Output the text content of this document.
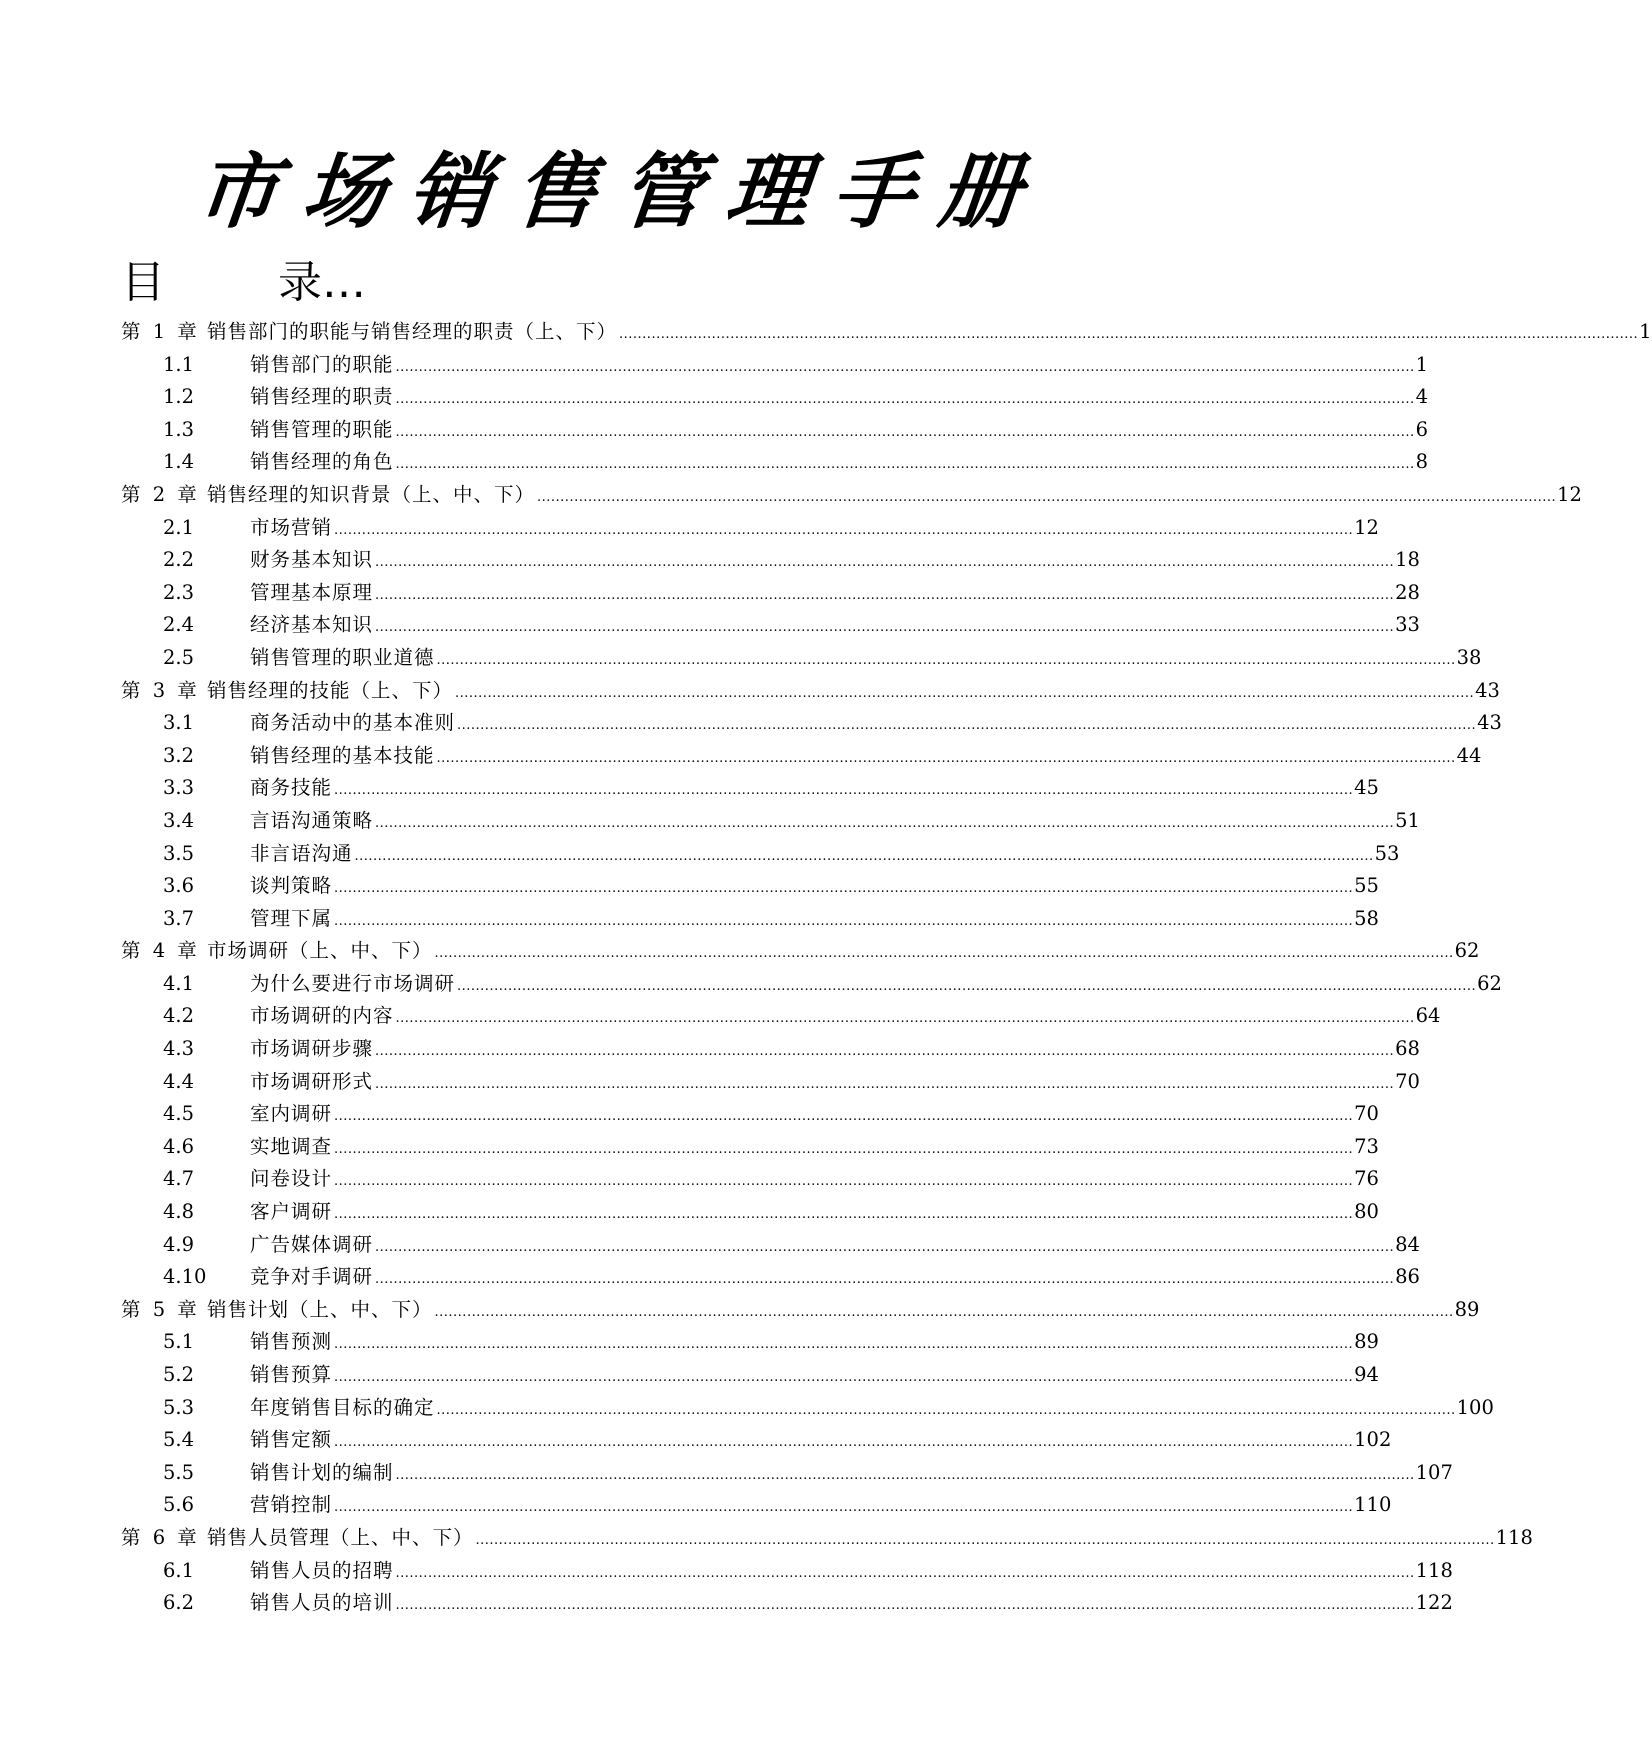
市场销售管理手册
目	录…
第 1 章 销售部门的职能与销售经理的职责（上、下） ............................................................................................................................................................................................................................ 1
1.1	销售部门的职能 ............................................................................................................................................................................................................................ 1
1.2	销售经理的职责 ............................................................................................................................................................................................................................ 4
1.3	销售管理的职能 ............................................................................................................................................................................................................................ 6
1.4	销售经理的角色 ............................................................................................................................................................................................................................ 8
第 2 章 销售经理的知识背景（上、中、下） ............................................................................................................................................................................................................................ 12
2.1	市场营销 ............................................................................................................................................................................................................................ 12
2.2	财务基本知识 ............................................................................................................................................................................................................................ 18
2.3	管理基本原理 ............................................................................................................................................................................................................................ 28
2.4	经济基本知识 ............................................................................................................................................................................................................................ 33
2.5	销售管理的职业道德 ............................................................................................................................................................................................................................ 38
第 3 章 销售经理的技能（上、下） ............................................................................................................................................................................................................................ 43
3.1	商务活动中的基本准则 ............................................................................................................................................................................................................................ 43
3.2	销售经理的基本技能 ............................................................................................................................................................................................................................ 44
3.3	商务技能 ............................................................................................................................................................................................................................ 45
3.4	言语沟通策略 ............................................................................................................................................................................................................................ 51
3.5	非言语沟通 ............................................................................................................................................................................................................................ 53
3.6	谈判策略 ............................................................................................................................................................................................................................ 55
3.7	管理下属 ............................................................................................................................................................................................................................ 58
第 4 章 市场调研（上、中、下） ............................................................................................................................................................................................................................ 62
4.1	为什么要进行市场调研 ............................................................................................................................................................................................................................ 62
4.2	市场调研的内容 ............................................................................................................................................................................................................................ 64
4.3	市场调研步骤 ............................................................................................................................................................................................................................ 68
4.4	市场调研形式 ............................................................................................................................................................................................................................ 70
4.5	室内调研 ............................................................................................................................................................................................................................ 70
4.6	实地调查 ............................................................................................................................................................................................................................ 73
4.7	问卷设计 ............................................................................................................................................................................................................................ 76
4.8	客户调研 ............................................................................................................................................................................................................................ 80
4.9	广告媒体调研 ............................................................................................................................................................................................................................ 84
4.10 竞争对手调研 ............................................................................................................................................................................................................................ 86
第 5 章 销售计划（上、中、下） ............................................................................................................................................................................................................................ 89
5.1	销售预测 ............................................................................................................................................................................................................................ 89
5.2	销售预算 ............................................................................................................................................................................................................................ 94
5.3	年度销售目标的确定 ............................................................................................................................................................................................................................ 100
5.4	销售定额 ............................................................................................................................................................................................................................ 102
5.5	销售计划的编制 ............................................................................................................................................................................................................................ 107
5.6	营销控制 ............................................................................................................................................................................................................................ 110
第 6 章 销售人员管理（上、中、下） ............................................................................................................................................................................................................................ 118
6.1	销售人员的招聘 ............................................................................................................................................................................................................................ 118
6.2	销售人员的培训 ............................................................................................................................................................................................................................ 122
